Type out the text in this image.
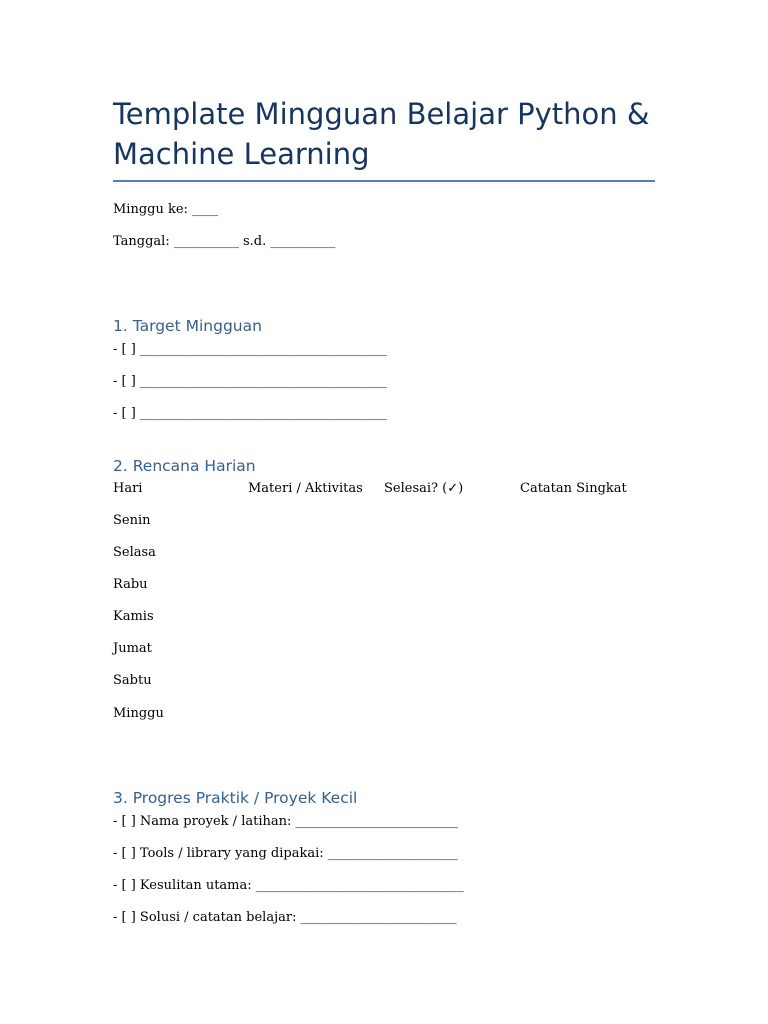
Template Mingguan Belajar Python & Machine Learning
Minggu ke: ____
Tanggal: __________ s.d. __________
1. Target Mingguan
- [ ] ______________________________________
- [ ] ______________________________________
- [ ] ______________________________________
2. Rencana Harian
Hari	Materi / Aktivitas Selesai? (✓)	Catatan Singkat
Senin
Selasa
Rabu
Kamis
Jumat
Sabtu
Minggu
3. Progres Praktik / Proyek Kecil
- [ ] Nama proyek / latihan: _________________________
- [ ] Tools / library yang dipakai: ____________________
- [ ] Kesulitan utama: ________________________________
- [ ] Solusi / catatan belajar: ________________________
